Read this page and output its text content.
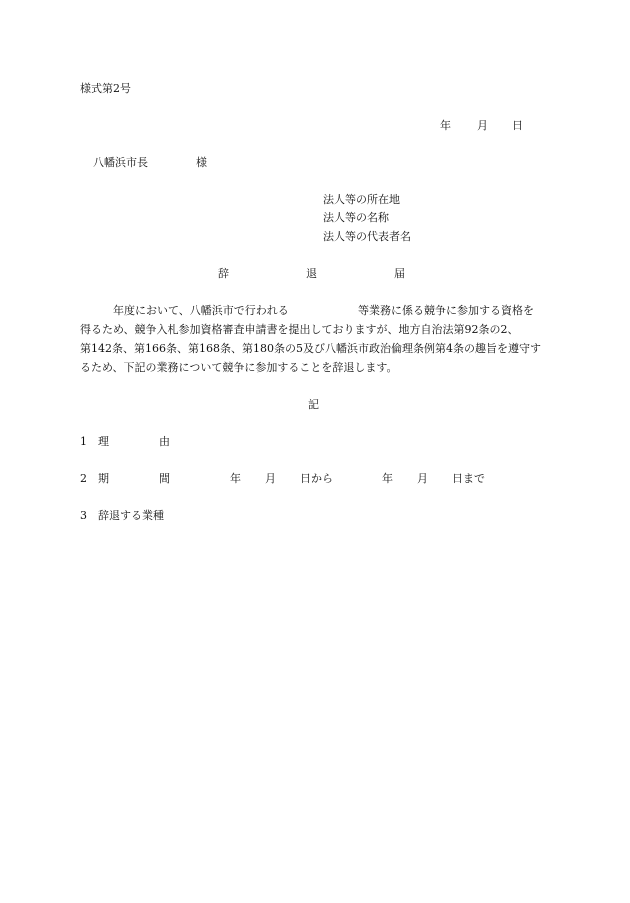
様式第2号
年 月 日
八幡浜市長	様
法人等の所在地
法人等の名称
法人等の代表者名
辞	退	届
年度において、八幡浜市で行われる	等業務に係る競争に参加する資格を
得るため、競争入札参加資格審査申請書を提出しておりますが、地方自治法第92条の2、
第142条、第166条、第168条、第180条の5及び八幡浜市政治倫理条例第4条の趣旨を遵守す
るため、下記の業務について競争に参加することを辞退します。
記
1 理	由
2 期	間	年 月 日から	年 月 日まで
3 辞退する業種
